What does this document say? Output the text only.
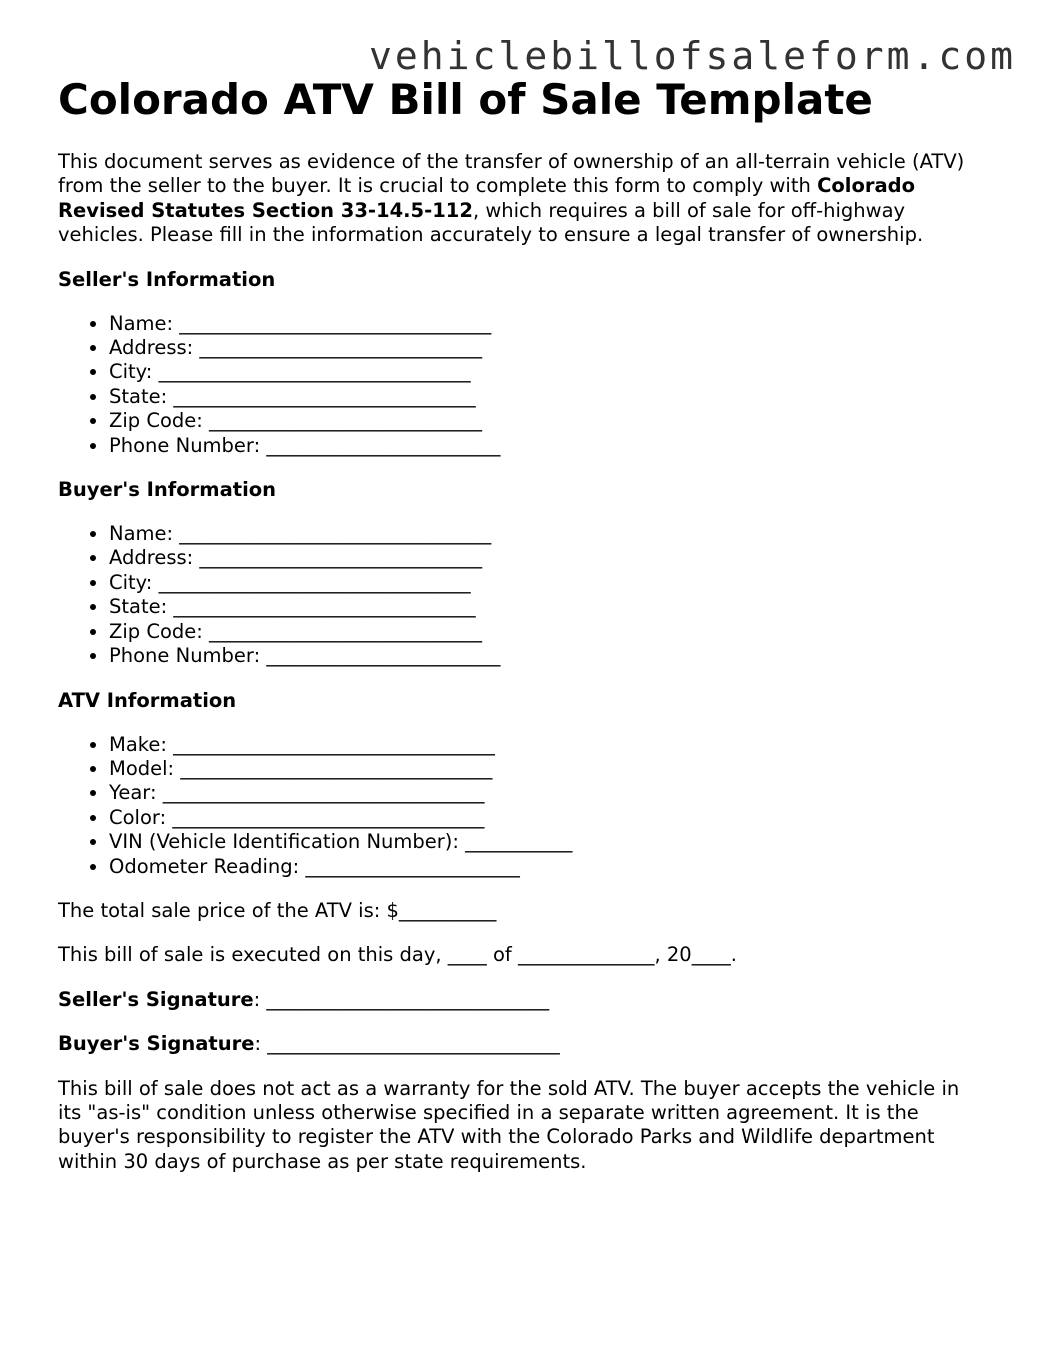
vehiclebillofsaleform.com
Colorado ATV Bill of Sale Template

This document serves as evidence of the transfer of ownership of an all-terrain vehicle (ATV) from the seller to the buyer. It is crucial to complete this form to comply with Colorado Revised Statutes Section 33-14.5-112, which requires a bill of sale for off-highway vehicles. Please fill in the information accurately to ensure a legal transfer of ownership.

Seller's Information
• Name: ________________________________
• Address: _____________________________
• City: ________________________________
• State: _______________________________
• Zip Code: ____________________________
• Phone Number: ________________________
Buyer's Information
• Name: ________________________________
• Address: _____________________________
• City: ________________________________
• State: _______________________________
• Zip Code: ____________________________
• Phone Number: ________________________
ATV Information
• Make: _________________________________
• Model: ________________________________
• Year: _________________________________
• Color: ________________________________
• VIN (Vehicle Identification Number): ___________
• Odometer Reading: ______________________

The total sale price of the ATV is: $__________

This bill of sale is executed on this day, ____ of ______________, 20____.

Seller's Signature: _____________________________

Buyer's Signature: ______________________________

This bill of sale does not act as a warranty for the sold ATV. The buyer accepts the vehicle in its "as-is" condition unless otherwise specified in a separate written agreement. It is the buyer's responsibility to register the ATV with the Colorado Parks and Wildlife department within 30 days of purchase as per state requirements.
